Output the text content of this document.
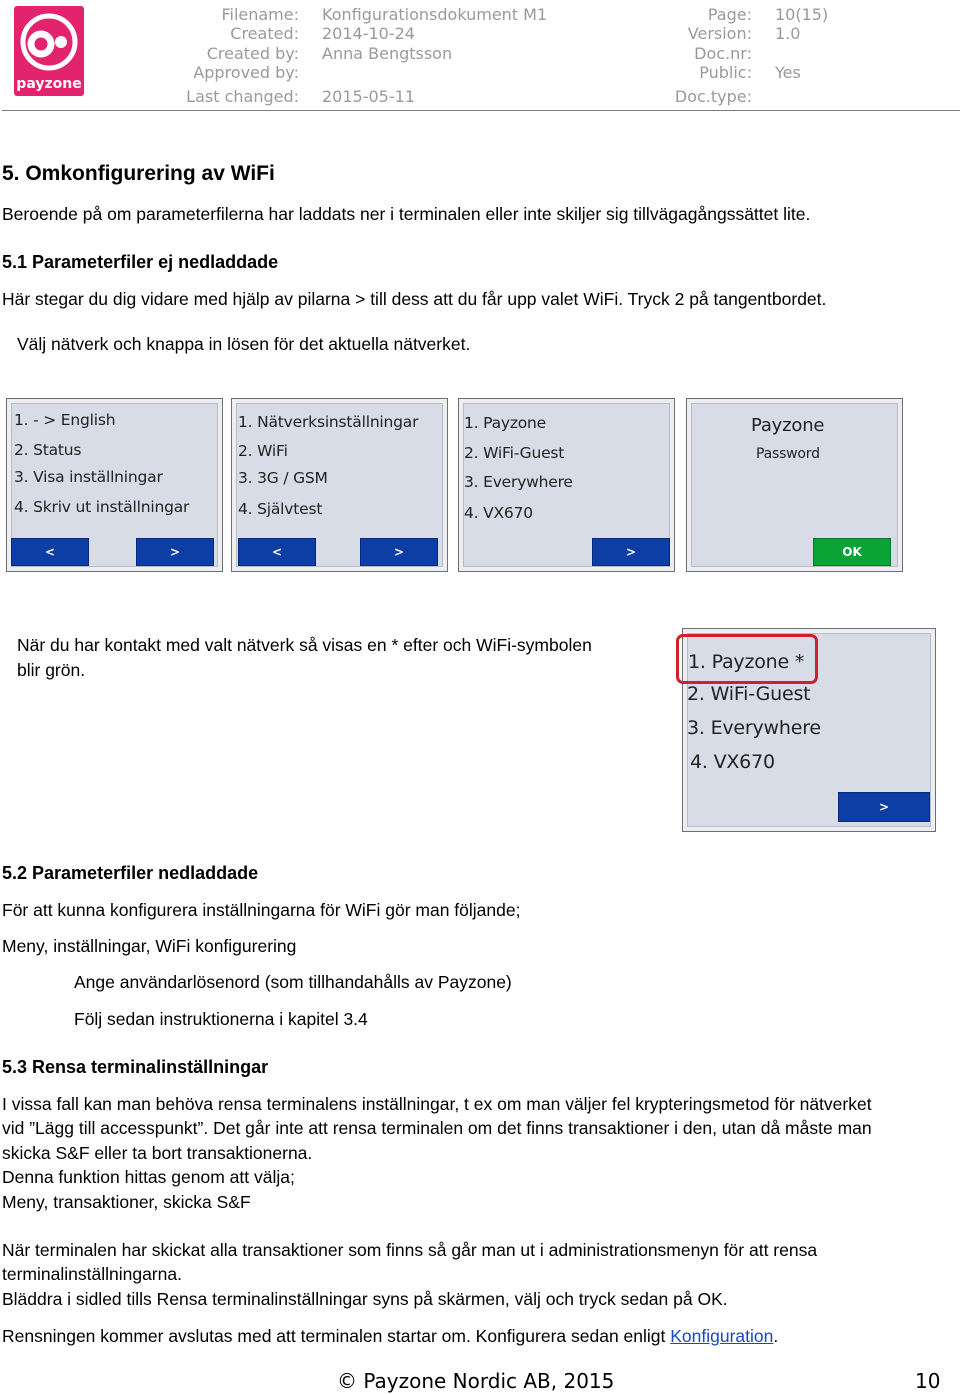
payzone
Filename: Konfigurationsdokument M1
Created: 2014-10-24
Created by: Anna Bengtsson
Approved by:
Last changed: 2015-05-11
Page: 10(15)
Version: 1.0
Doc.nr:
Public: Yes
Doc.type:
5. Omkonfigurering av WiFi
Beroende på om parameterfilerna har laddats ner i terminalen eller inte skiljer sig tillvägagångssättet lite.
5.1 Parameterfiler ej nedladdade
Här stegar du dig vidare med hjälp av pilarna > till dess att du får upp valet WiFi. Tryck 2 på tangentbordet.
Välj nätverk och knappa in lösen för det aktuella nätverket.
1. - > English
2. Status
3. Visa inställningar
4. Skriv ut inställningar
<	>
1. Nätverksinställningar
2. WiFi
3. 3G / GSM
4. Självtest
<	>
1. Payzone
2. WiFi-Guest
3. Everywhere
4. VX670
>
Payzone
Password
OK
När du har kontakt med valt nätverk så visas en * efter och WiFi-symbolen
blir grön.	1. Payzone *
2. WiFi-Guest
3. Everywhere
4. VX670
>
5.2 Parameterfiler nedladdade
För att kunna konfigurera inställningarna för WiFi gör man följande;
Meny, inställningar, WiFi konfigurering
Ange användarlösenord (som tillhandahålls av Payzone)
Följ sedan instruktionerna i kapitel 3.4
5.3 Rensa terminalinställningar
I vissa fall kan man behöva rensa terminalens inställningar, t ex om man väljer fel krypteringsmetod för nätverket
vid ”Lägg till accesspunkt”. Det går inte att rensa terminalen om det finns transaktioner i den, utan då måste man
skicka S&F eller ta bort transaktionerna.
Denna funktion hittas genom att välja;
Meny, transaktioner, skicka S&F
När terminalen har skickat alla transaktioner som finns så går man ut i administrationsmenyn för att rensa
terminalinställningarna.
Bläddra i sidled tills Rensa terminalinställningar syns på skärmen, välj och tryck sedan på OK.
Rensningen kommer avslutas med att terminalen startar om. Konfigurera sedan enligt Konfiguration.
© Payzone Nordic AB, 2015	10
